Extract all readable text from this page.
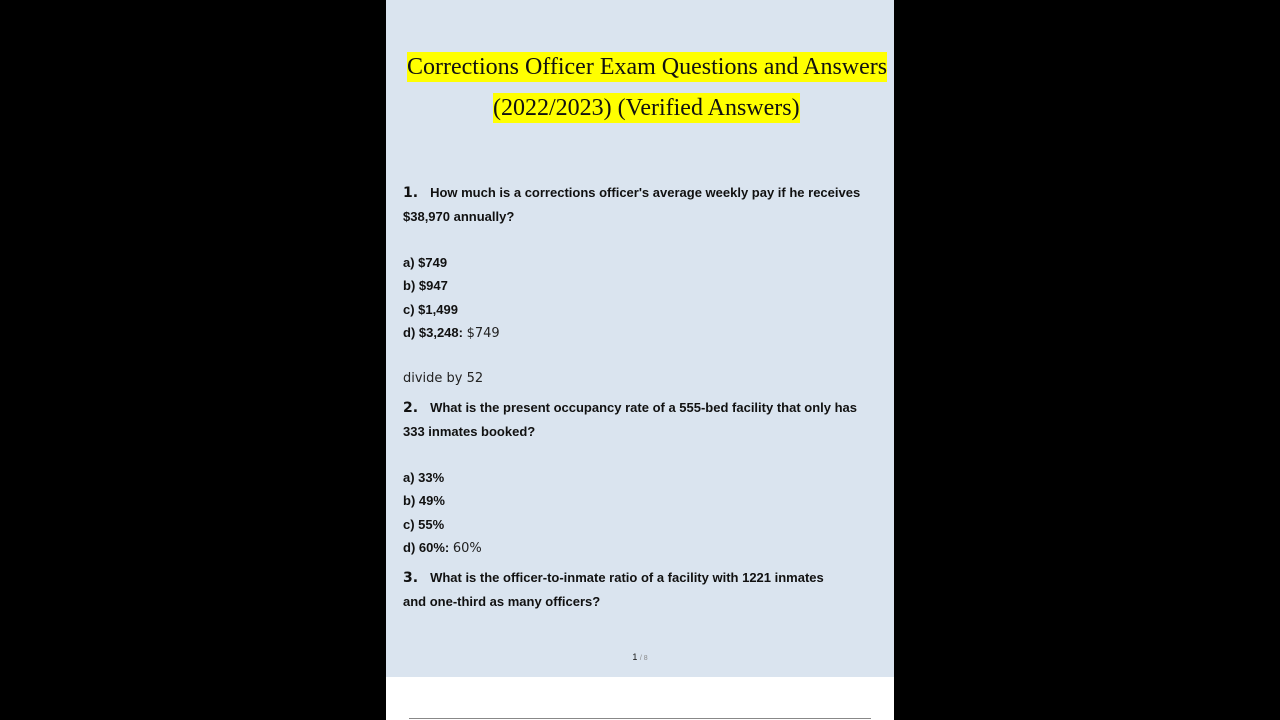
Corrections Officer Exam Questions and Answers
(2022/2023) (Verified Answers)
1. How much is a corrections officer's average weekly pay if he receives
$38,970 annually?
a) $749
b) $947
c) $1,499
d) $3,248: $749
divide by 52
2. What is the present occupancy rate of a 555-bed facility that only has
333 inmates booked?
a) 33%
b) 49%
c) 55%
d) 60%: 60%
3. What is the officer-to-inmate ratio of a facility with 1221 inmates
and one-third as many officers?
1 / 8
